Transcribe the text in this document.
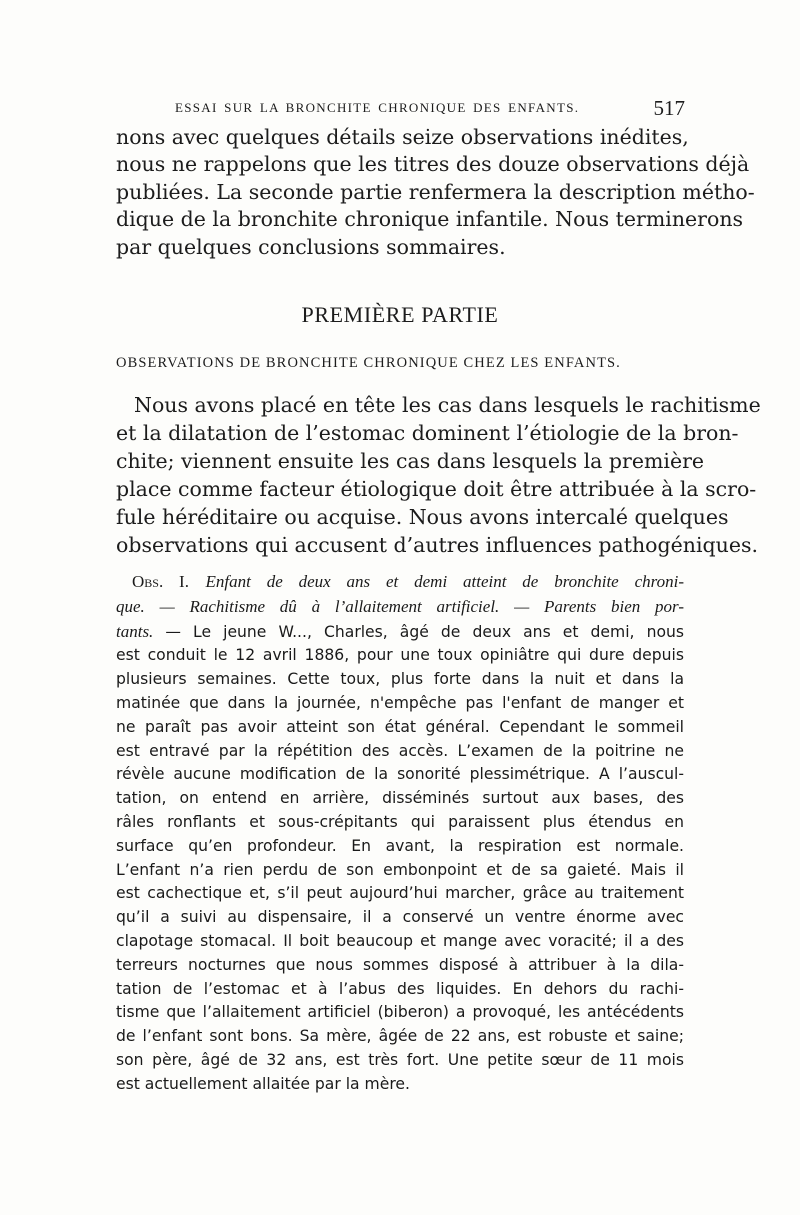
ESSAI SUR LA BRONCHITE CHRONIQUE DES ENFANTS.	517
nons avec quelques détails seize observations inédites,
nous ne rappelons que les titres des douze observations déjà
publiées. La seconde partie renfermera la description métho-
dique de la bronchite chronique infantile. Nous terminerons
par quelques conclusions sommaires.
PREMIÈRE PARTIE
OBSERVATIONS DE BRONCHITE CHRONIQUE CHEZ LES ENFANTS.
Nous avons placé en tête les cas dans lesquels le rachitisme
et la dilatation de l’estomac dominent l’étiologie de la bron-
chite; viennent ensuite les cas dans lesquels la première
place comme facteur étiologique doit être attribuée à la scro-
fule héréditaire ou acquise. Nous avons intercalé quelques
observations qui accusent d’autres influences pathogéniques.
Obs. I. Enfant de deux ans et demi atteint de bronchite chroni-
que. — Rachitisme dû à l’allaitement artificiel. — Parents bien por-
tants. — Le jeune W..., Charles, âgé de deux ans et demi, nous
est conduit le 12 avril 1886, pour une toux opiniâtre qui dure depuis
plusieurs semaines. Cette toux, plus forte dans la nuit et dans la
matinée que dans la journée, n'empêche pas l'enfant de manger et
ne paraît pas avoir atteint son état général. Cependant le sommeil
est entravé par la répétition des accès. L’examen de la poitrine ne
révèle aucune modification de la sonorité plessimétrique. A l’auscul-
tation, on entend en arrière, disséminés surtout aux bases, des
râles ronflants et sous-crépitants qui paraissent plus étendus en
surface qu’en profondeur. En avant, la respiration est normale.
L’enfant n’a rien perdu de son embonpoint et de sa gaieté. Mais il
est cachectique et, s’il peut aujourd’hui marcher, grâce au traitement
qu’il a suivi au dispensaire, il a conservé un ventre énorme avec
clapotage stomacal. Il boit beaucoup et mange avec voracité; il a des
terreurs nocturnes que nous sommes disposé à attribuer à la dila-
tation de l’estomac et à l’abus des liquides. En dehors du rachi-
tisme que l’allaitement artificiel (biberon) a provoqué, les antécédents
de l’enfant sont bons. Sa mère, âgée de 22 ans, est robuste et saine;
son père, âgé de 32 ans, est très fort. Une petite sœur de 11 mois
est actuellement allaitée par la mère.
